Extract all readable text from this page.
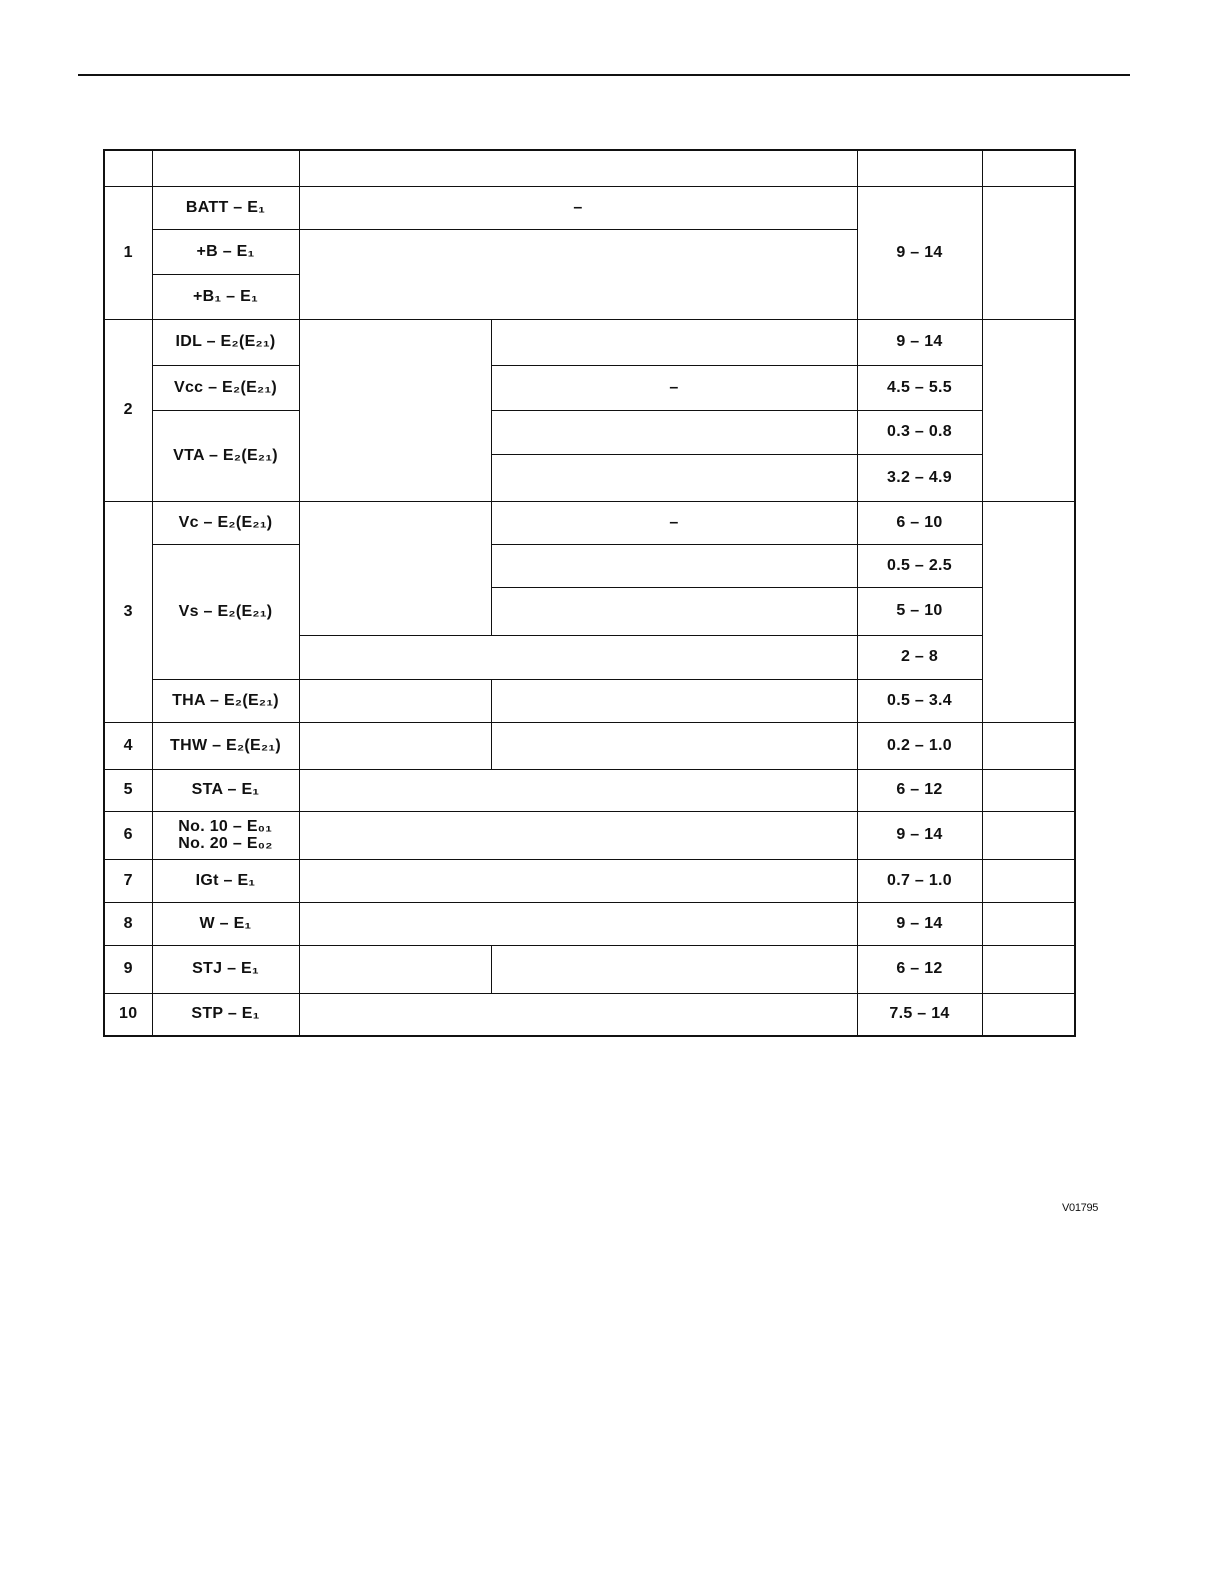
1	BATT – E₁	–		9 – 14	
	+B – E₁				
	+B₁ – E₁				
2	IDL – E₂(E₂₁)			9 – 14	
	Vcc – E₂(E₂₁)		–	4.5 – 5.5	
	VTA – E₂(E₂₁)			0.3 – 0.8	
				3.2 – 4.9	
3	Vc – E₂(E₂₁)		–	6 – 10	
	Vs – E₂(E₂₁)			0.5 – 2.5	
				5 – 10	
				2 – 8	
	THA – E₂(E₂₁)			0.5 – 3.4	
4	THW – E₂(E₂₁)			0.2 – 1.0	
5	STA – E₁			6 – 12	
6	No. 10 – E₀₁
No. 20 – E₀₂			9 – 14	
7	IGt – E₁			0.7 – 1.0	
8	W – E₁			9 – 14	
9	STJ – E₁			6 – 12	
10	STP – E₁			7.5 – 14	
V01795
